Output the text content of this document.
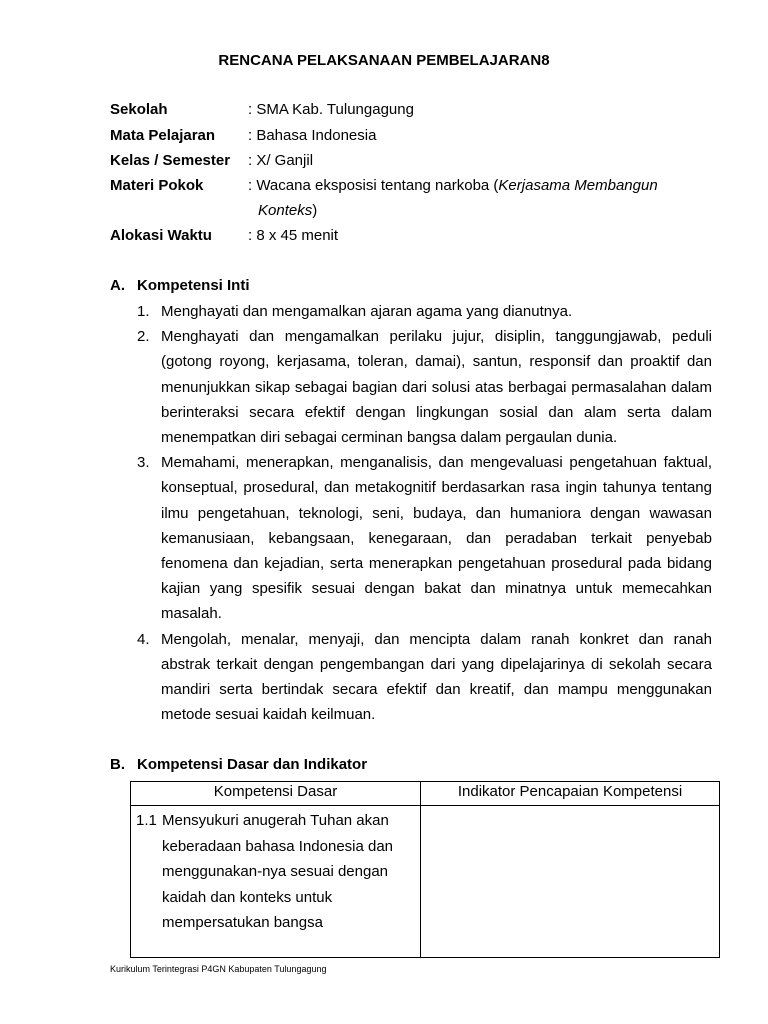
RENCANA PELAKSANAAN PEMBELAJARAN8
Sekolah	: SMA Kab. Tulungagung
Mata Pelajaran	: Bahasa Indonesia
Kelas / Semester	: X/ Ganjil
Materi Pokok	: Wacana eksposisi tentang narkoba (Kerjasama Membangun
Konteks)
Alokasi Waktu	: 8 x 45 menit
A. Kompetensi Inti
1. Menghayati dan mengamalkan ajaran agama yang dianutnya.
2. Menghayati dan mengamalkan perilaku jujur, disiplin, tanggungjawab, peduli (gotong royong, kerjasama, toleran, damai), santun, responsif dan proaktif dan menunjukkan sikap sebagai bagian dari solusi atas berbagai permasalahan dalam berinteraksi secara efektif dengan lingkungan sosial dan alam serta dalam menempatkan diri sebagai cerminan bangsa dalam pergaulan dunia.
3. Memahami, menerapkan, menganalisis, dan mengevaluasi pengetahuan faktual, konseptual, prosedural, dan metakognitif berdasarkan rasa ingin tahunya tentang ilmu pengetahuan, teknologi, seni, budaya, dan humaniora dengan wawasan kemanusiaan, kebangsaan, kenegaraan, dan peradaban terkait penyebab fenomena dan kejadian, serta menerapkan pengetahuan prosedural pada bidang kajian yang spesifik sesuai dengan bakat dan minatnya untuk memecahkan masalah.
4. Mengolah, menalar, menyaji, dan mencipta dalam ranah konkret dan ranah abstrak terkait dengan pengembangan dari yang dipelajarinya di sekolah secara mandiri serta bertindak secara efektif dan kreatif, dan mampu menggunakan metode sesuai kaidah keilmuan.
B. Kompetensi Dasar dan Indikator
Kompetensi Dasar	Indikator Pencapaian Kompetensi

1.1 Mensyukuri anugerah Tuhan akan keberadaan bahasa Indonesia dan menggunakan-nya sesuai dengan kaidah dan konteks untuk mempersatukan bangsa	

Kurikulum Terintegrasi P4GN Kabupaten Tulungagung
